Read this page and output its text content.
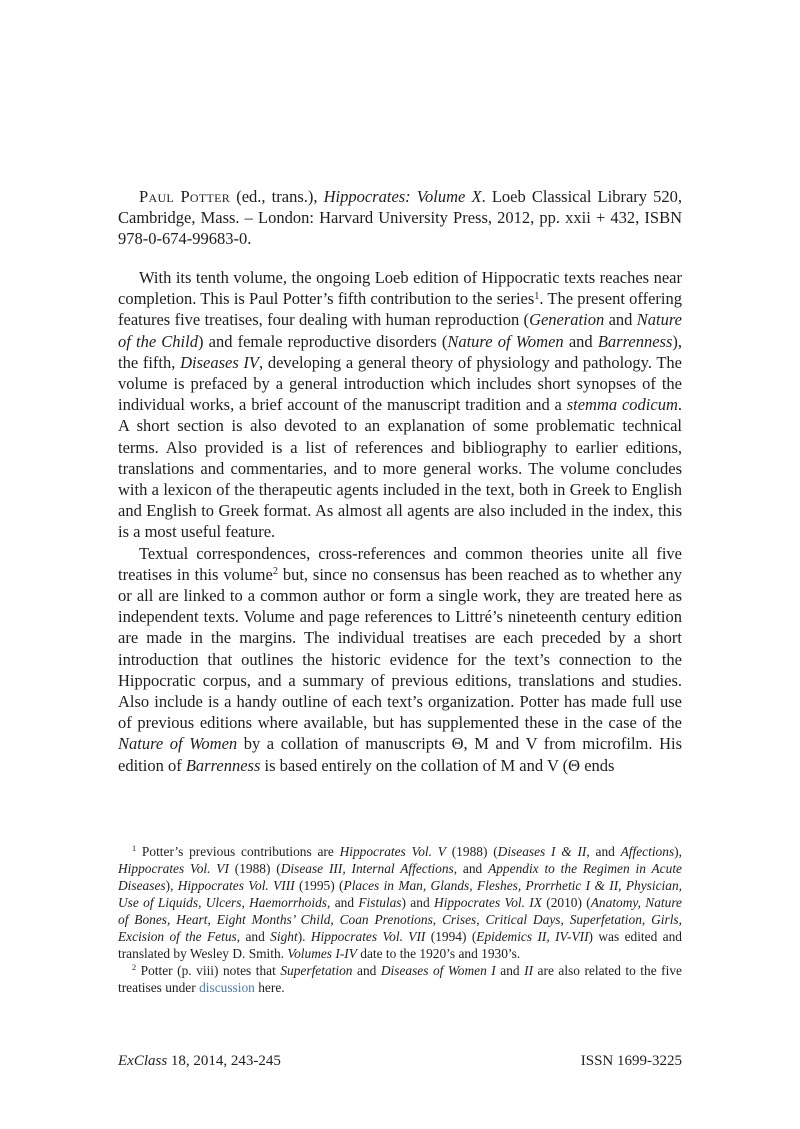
Paul Potter (ed., trans.), Hippocrates: Volume X. Loeb Classical Library 520, Cambridge, Mass. – London: Harvard University Press, 2012, pp. xxii + 432, ISBN 978-0-674-99683-0.

With its tenth volume, the ongoing Loeb edition of Hippocratic texts reaches near completion. This is Paul Potter’s fifth contribution to the series$^1$. The present offering features five treatises, four dealing with human reproduction (Generation and Nature of the Child) and female reproductive disorders (Nature of Women and Barrenness), the fifth, Diseases IV, developing a general theory of physiology and pathology. The volume is prefaced by a general introduction which includes short synopses of the individual works, a brief account of the manuscript tradition and a stemma codicum. A short section is also devoted to an explanation of some problematic technical terms. Also provided is a list of references and bibliography to earlier editions, translations and commentaries, and to more general works. The volume concludes with a lexicon of the therapeutic agents included in the text, both in Greek to English and English to Greek format. As almost all agents are also included in the index, this is a most useful feature.

Textual correspondences, cross-references and common theories unite all five treatises in this volume$^2$ but, since no consensus has been reached as to whether any or all are linked to a common author or form a single work, they are treated here as independent texts. Volume and page references to Littré’s nineteenth century edition are made in the margins. The individual treatises are each preceded by a short introduction that outlines the historic evidence for the text’s connection to the Hippocratic corpus, and a summary of previous editions, translations and studies. Also include is a handy outline of each text’s organization. Potter has made full use of previous editions where available, but has supplemented these in the case of the Nature of Women by a collation of manuscripts Θ, M and V from microfilm. His edition of Barrenness is based entirely on the collation of M and V (Θ ends

$^1$ Potter’s previous contributions are Hippocrates Vol. V (1988) (Diseases I & II, and Affections), Hippocrates Vol. VI (1988) (Disease III, Internal Affections, and Appendix to the Regimen in Acute Diseases), Hippocrates Vol. VIII (1995) (Places in Man, Glands, Fleshes, Prorrhetic I & II, Physician, Use of Liquids, Ulcers, Haemorrhoids, and Fistulas) and Hippocrates Vol. IX (2010) (Anatomy, Nature of Bones, Heart, Eight Months’ Child, Coan Prenotions, Crises, Critical Days, Superfetation, Girls, Excision of the Fetus, and Sight). Hippocrates Vol. VII (1994) (Epidemics II, IV-VII) was edited and translated by Wesley D. Smith. Volumes I-IV date to the 1920’s and 1930’s.

$^2$ Potter (p. viii) notes that Superfetation and Diseases of Women I and II are also related to the five treatises under discussion here.

ExClass 18, 2014, 243-245	ISSN 1699-3225
